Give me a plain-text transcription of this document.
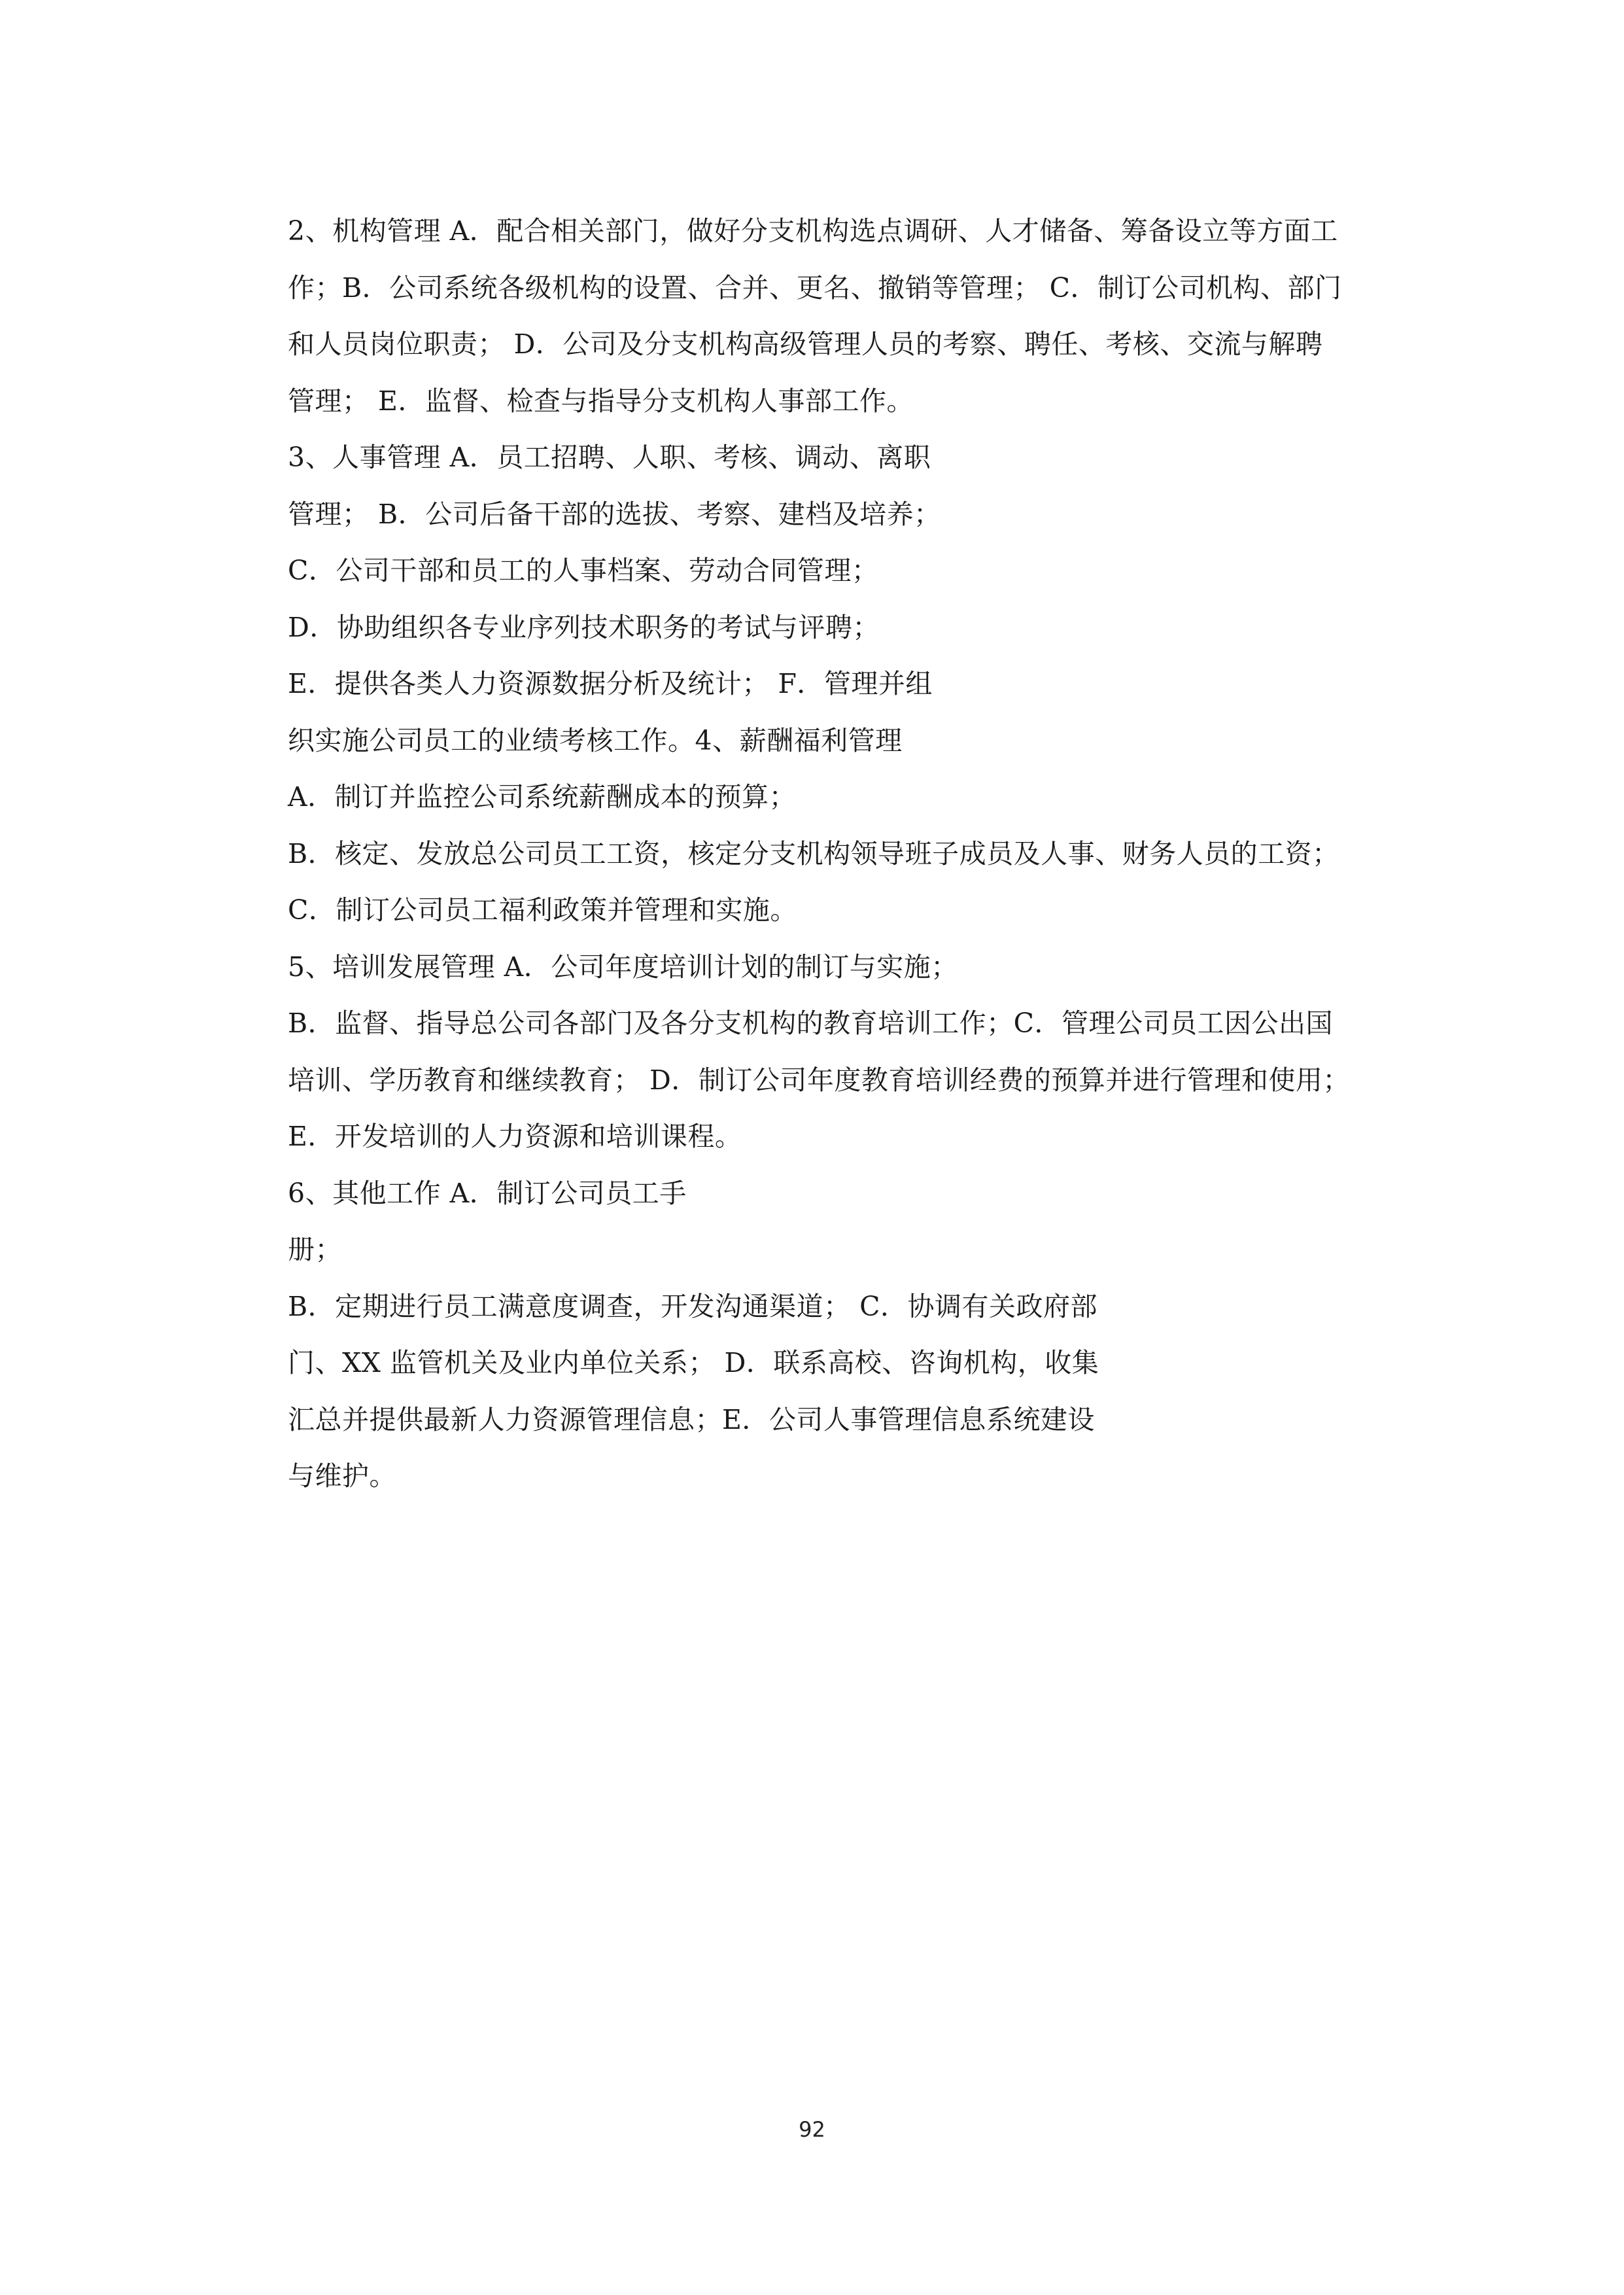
2、机构管理 A．配合相关部门，做好分支机构选点调研、人才储备、筹备设立等方面工
作；B．公司系统各级机构的设置、合并、更名、撤销等管理； C．制订公司机构、部门
和人员岗位职责； D．公司及分支机构高级管理人员的考察、聘任、考核、交流与解聘
管理； E．监督、检查与指导分支机构人事部工作。
3、人事管理 A．员工招聘、人职、考核、调动、离职
管理； B．公司后备干部的选拔、考察、建档及培养；
C．公司干部和员工的人事档案、劳动合同管理；
D．协助组织各专业序列技术职务的考试与评聘；
E．提供各类人力资源数据分析及统计； F．管理并组
织实施公司员工的业绩考核工作。4、薪酬福利管理
A．制订并监控公司系统薪酬成本的预算；
B．核定、发放总公司员工工资，核定分支机构领导班子成员及人事、财务人员的工资；
C．制订公司员工福利政策并管理和实施。
5、培训发展管理 A．公司年度培训计划的制订与实施；
B．监督、指导总公司各部门及各分支机构的教育培训工作；C．管理公司员工因公出国
培训、学历教育和继续教育； D．制订公司年度教育培训经费的预算并进行管理和使用；
E．开发培训的人力资源和培训课程。
6、其他工作 A．制订公司员工手
册；
B．定期进行员工满意度调查，开发沟通渠道； C．协调有关政府部
门、XX 监管机关及业内单位关系； D．联系高校、咨询机构，收集
汇总并提供最新人力资源管理信息；E．公司人事管理信息系统建设
与维护。
92
